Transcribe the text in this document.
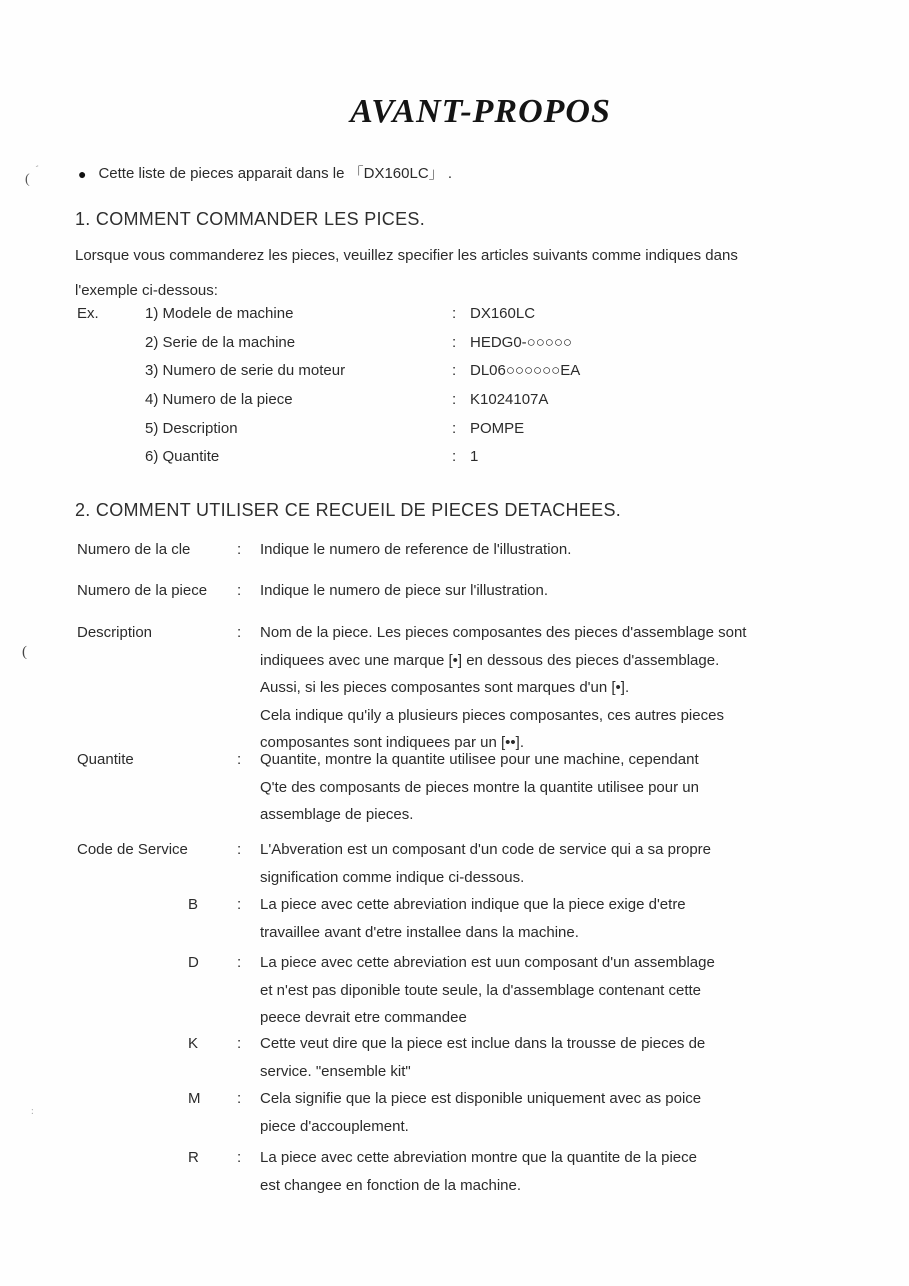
´
(
(
:
AVANT-PROPOS
● Cette liste de pieces apparait dans le 「DX160LC」 .
1. COMMENT COMMANDER LES PICES.
Lorsque vous commanderez les pieces, veuillez specifier les articles suivants comme indiques dans
l'exemple ci-dessous:
Ex.	1) Modele de machine	: DX160LC
2) Serie de la machine	: HEDG0-○○○○○
3) Numero de serie du moteur	: DL06○○○○○○EA
4) Numero de la piece	: K1024107A
5) Description	: POMPE
6) Quantite	: 1
2. COMMENT UTILISER CE RECUEIL DE PIECES DETACHEES.
Numero de la cle	: Indique le numero de reference de l'illustration.
Numero de la piece : Indique le numero de piece sur l'illustration.
Description	: Nom de la piece. Les pieces composantes des pieces d'assemblage sont
indiquees avec une marque [•] en dessous des pieces d'assemblage.
Aussi, si les pieces composantes sont marques d'un [•].
Cela indique qu'ily a plusieurs pieces composantes, ces autres pieces
composantes sont indiquees par un [••].
Quantite	: Quantite, montre la quantite utilisee pour une machine, cependant
Q'te des composants de pieces montre la quantite utilisee pour un
assemblage de pieces.
Code de Service	: L'Abveration est un composant d'un code de service qui a sa propre
signification comme indique ci-dessous.
B	: La piece avec cette abreviation indique que la piece exige d'etre
travaillee avant d'etre installee dans la machine.
D	: La piece avec cette abreviation est uun composant d'un assemblage
et n'est pas diponible toute seule, la d'assemblage contenant cette
peece devrait etre commandee
K	: Cette veut dire que la piece est inclue dans la trousse de pieces de
service. "ensemble kit"
M : Cela signifie que la piece est disponible uniquement avec as poice
piece d'accouplement.
R	: La piece avec cette abreviation montre que la quantite de la piece
est changee en fonction de la machine.
